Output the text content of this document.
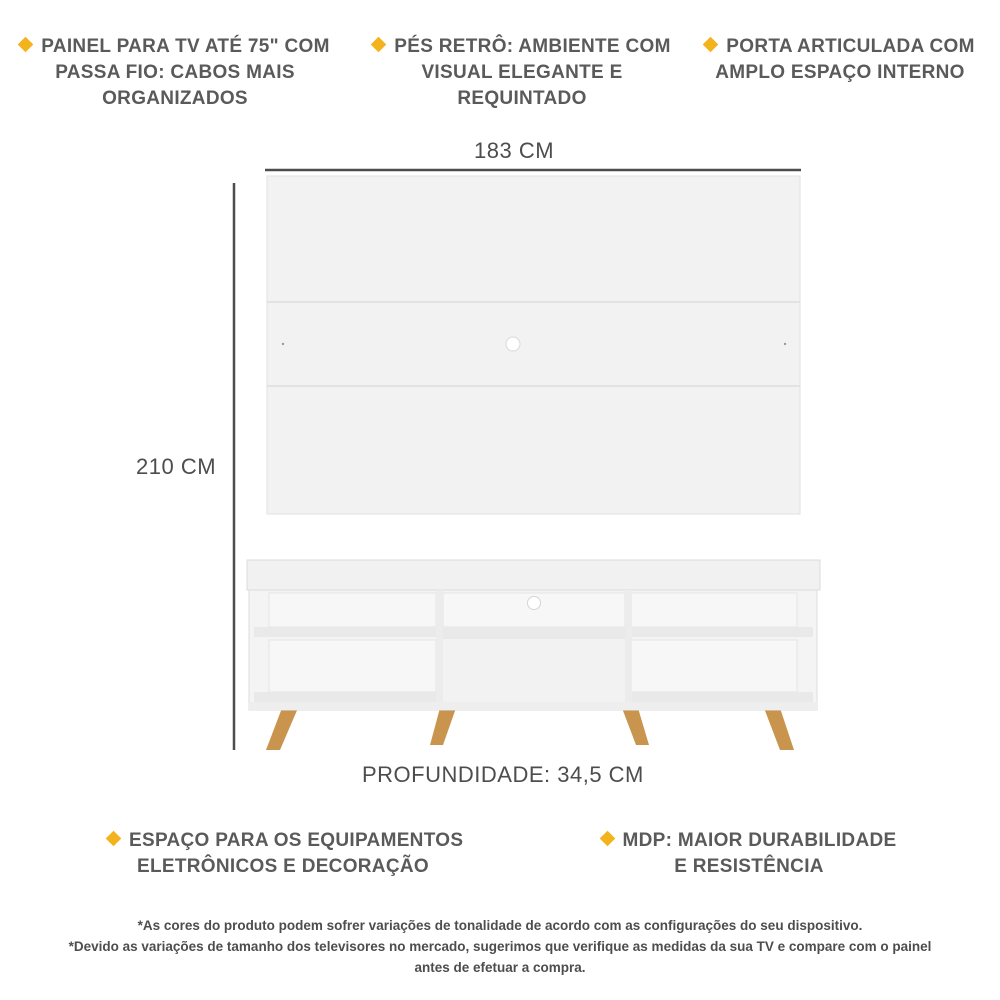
PAINEL PARA TV ATÉ 75" COM
PASSA FIO: CABOS MAIS
ORGANIZADOS
PÉS RETRÔ: AMBIENTE COM
VISUAL ELEGANTE E
REQUINTADO
PORTA ARTICULADA COM
AMPLO ESPAÇO INTERNO
183 CM
210 CM
PROFUNDIDADE: 34,5 CM
ESPAÇO PARA OS EQUIPAMENTOS
ELETRÔNICOS E DECORAÇÃO
MDP: MAIOR DURABILIDADE
E RESISTÊNCIA
*As cores do produto podem sofrer variações de tonalidade de acordo com as configurações do seu dispositivo.
*Devido as variações de tamanho dos televisores no mercado, sugerimos que verifique as medidas da sua TV e compare com o painel
antes de efetuar a compra.
